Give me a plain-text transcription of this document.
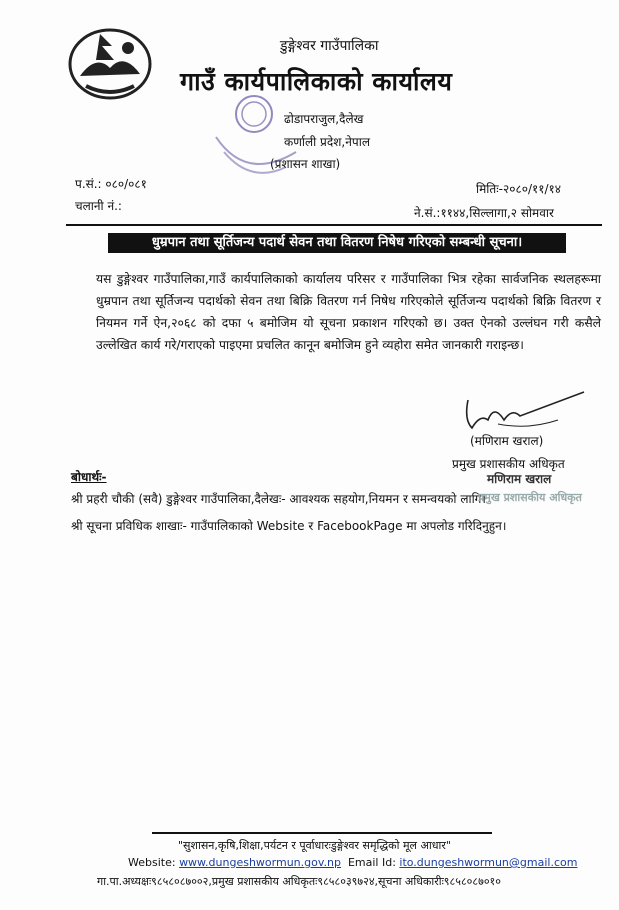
डुङ्गेश्वर गाउँपालिका
गाउँ कार्यपालिकाको कार्यालय
ढोडापराजुल,दैलेख
कर्णाली प्रदेश,नेपाल
(प्रशासन शाखा)
प.सं.: ०८०/०८१
चलानी नं.:
मितिः-२०८०/११/१४
ने.सं.:११४४,सिल्लागा,२ सोमवार
धुम्रपान तथा सूर्तिजन्य पदार्थ सेवन तथा वितरण निषेध गरिएको सम्बन्धी सूचना।
यस डुङ्गेश्वर गाउँपालिका,गाउँ कार्यपालिकाको कार्यालय परिसर र गाउँपालिका भित्र रहेका सार्वजनिक स्थलहरूमा धुम्रपान तथा सूर्तिजन्य पदार्थको सेवन तथा बिक्रि वितरण गर्न निषेध गरिएकोले सूर्तिजन्य पदार्थको बिक्रि वितरण र नियमन गर्ने ऐन,२०६८ को दफा ५ बमोजिम यो सूचना प्रकाशन गरिएको छ। उक्त ऐनको उल्लंघन गरी कसैले उल्लेखित कार्य गरे/गराएको पाइएमा प्रचलित कानून बमोजिम हुने व्यहोरा समेत जानकारी गराइन्छ।
(मणिराम खराल)
प्रमुख प्रशासकीय अधिकृत
मणिराम खराल
बोधार्थः-
श्री प्रहरी चौकी (सवै) डुङ्गेश्वर गाउँपालिका,दैलेखः- आवश्यक सहयोग,नियमन र समन्वयको लागि।
प्रमुख प्रशासकीय अधिकृत
श्री सूचना प्रविधिक शाखाः- गाउँपालिकाको Website र FacebookPage मा अपलोड गरिदिनुहुन।
"सुशासन,कृषि,शिक्षा,पर्यटन र पूर्वाधारःडुङ्गेश्वर समृद्धिको मूल आधार"
Website: www.dungeshwormun.gov.np Email Id: ito.dungeshwormun@gmail.com
गा.पा.अध्यक्षः९८५८०८७००२,प्रमुख प्रशासकीय अधिकृतः९८५८०३९७२४,सूचना अधिकारीः९८५८०८७०१०
